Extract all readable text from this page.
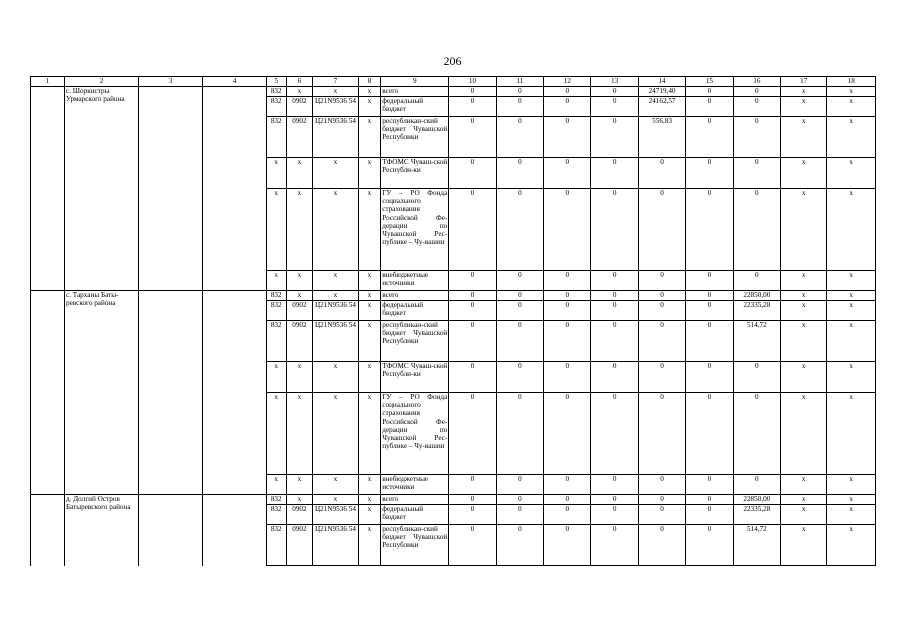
206
1	2	3	4	5	6	7	8	9	10	11	12	13	14	15	16	17	18
	с. Шоркистры Урмарского района			832	x	x	x	всего	0	0	0	0	24719,40	0	0	x	x
				832	0902	Ц21N9536 54	x	федеральный бюджет	0	0	0	0	24162,57	0	0	x	x
				832	0902	Ц21N9536 54	x	республикан-ский бюджет Чувашской Республики	0	0	0	0	556,83	0	0	x	x
				x	x	x	x	ТФОМС Чуваш-ской Республи-ки	0	0	0	0	0	0	0	x	x
				x	x	x	x	ГУ – РО Фонда социального страхования Российской Фе-дерации по Чувашской Рес-публике – Чу-вашии	0	0	0	0	0	0	0	x	x
				x	x	x	x	внебюджетные источники	0	0	0	0	0	0	0	x	x
	с. Тарханы Баты-ревского района			832	x	x	x	всего	0	0	0	0	0	0	22850,00	x	x
				832	0902	Ц21N9536 54	x	федеральный бюджет	0	0	0	0	0	0	22335,28	x	x
				832	0902	Ц21N9536 54	x	республикан-ский бюджет Чувашской Республики	0	0	0	0	0	0	514,72	x	x
				x	x	x	x	ТФОМС Чуваш-ской Республи-ки	0	0	0	0	0	0	0	x	x
				x	x	x	x	ГУ – РО Фонда социального страхования Российской Фе-дерации по Чувашской Рес-публике – Чу-вашии	0	0	0	0	0	0	0	x	x
				x	x	x	x	внебюджетные источники	0	0	0	0	0	0	0	x	x
	д. Долгий Остров Батыревского района			832	x	x	x	всего	0	0	0	0	0	0	22850,00	x	x
				832	0902	Ц21N9536 54	x	федеральный бюджет	0	0	0	0	0	0	22335,28	x	x
				832	0902	Ц21N9536 54	x	республикан-ский бюджет Чувашской Республики	0	0	0	0	0	0	514,72	x	x
